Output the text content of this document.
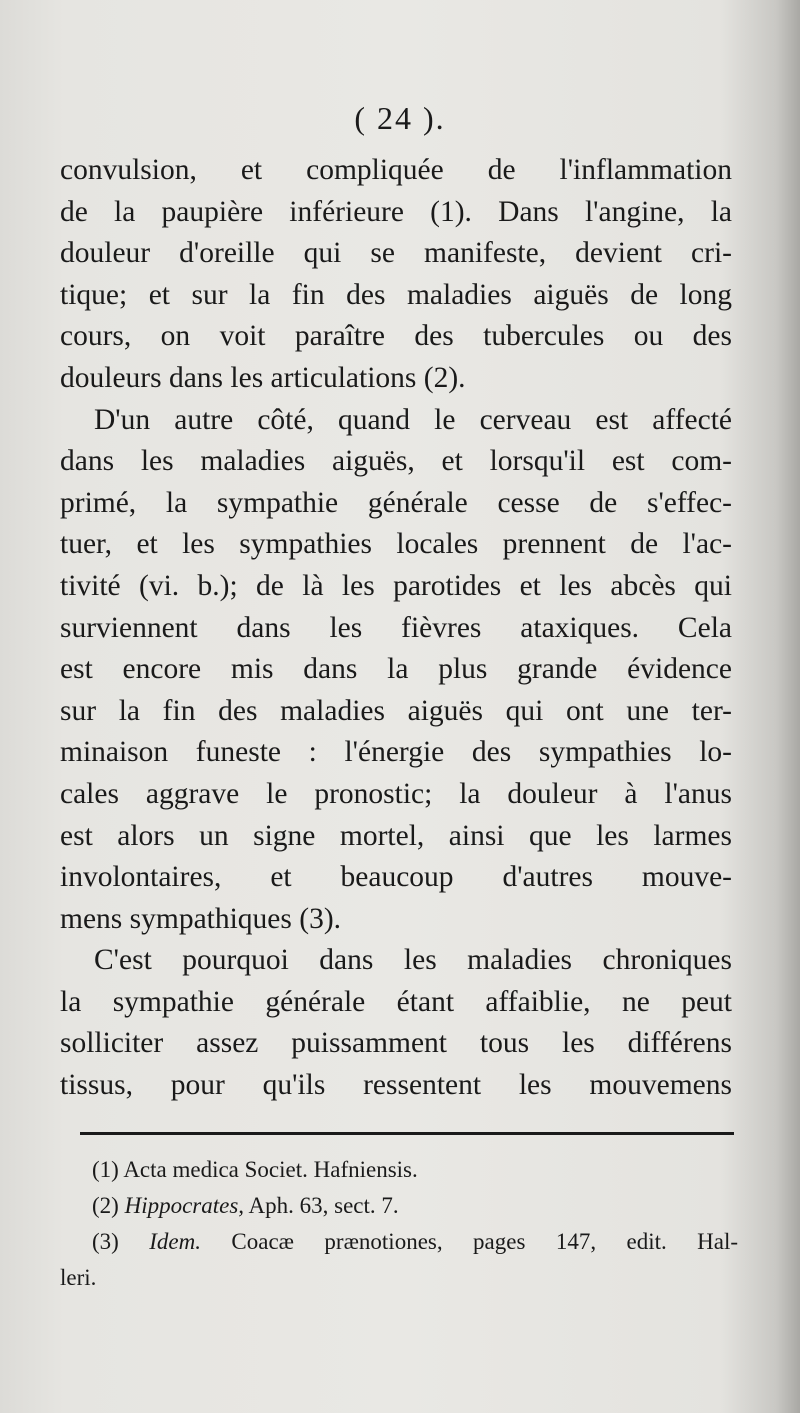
( 24 ).
convulsion, et compliquée de l'inflammation
de la paupière inférieure (1). Dans l'angine, la
douleur d'oreille qui se manifeste, devient cri-
tique; et sur la fin des maladies aiguës de long
cours, on voit paraître des tubercules ou des
douleurs dans les articulations (2).
D'un autre côté, quand le cerveau est affecté
dans les maladies aiguës, et lorsqu'il est com-
primé, la sympathie générale cesse de s'effec-
tuer, et les sympathies locales prennent de l'ac-
tivité (vi. b.); de là les parotides et les abcès qui
surviennent dans les fièvres ataxiques. Cela
est encore mis dans la plus grande évidence
sur la fin des maladies aiguës qui ont une ter-
minaison funeste : l'énergie des sympathies lo-
cales aggrave le pronostic; la douleur à l'anus
est alors un signe mortel, ainsi que les larmes
involontaires, et beaucoup d'autres mouve-
mens sympathiques (3).
C'est pourquoi dans les maladies chroniques
la sympathie générale étant affaiblie, ne peut
solliciter assez puissamment tous les différens
tissus, pour qu'ils ressentent les mouvemens
(1) Acta medica Societ. Hafniensis.
(2) Hippocrates, Aph. 63, sect. 7.
(3) Idem. Coacæ prænotiones, pages 147, edit. Hal-
leri.
